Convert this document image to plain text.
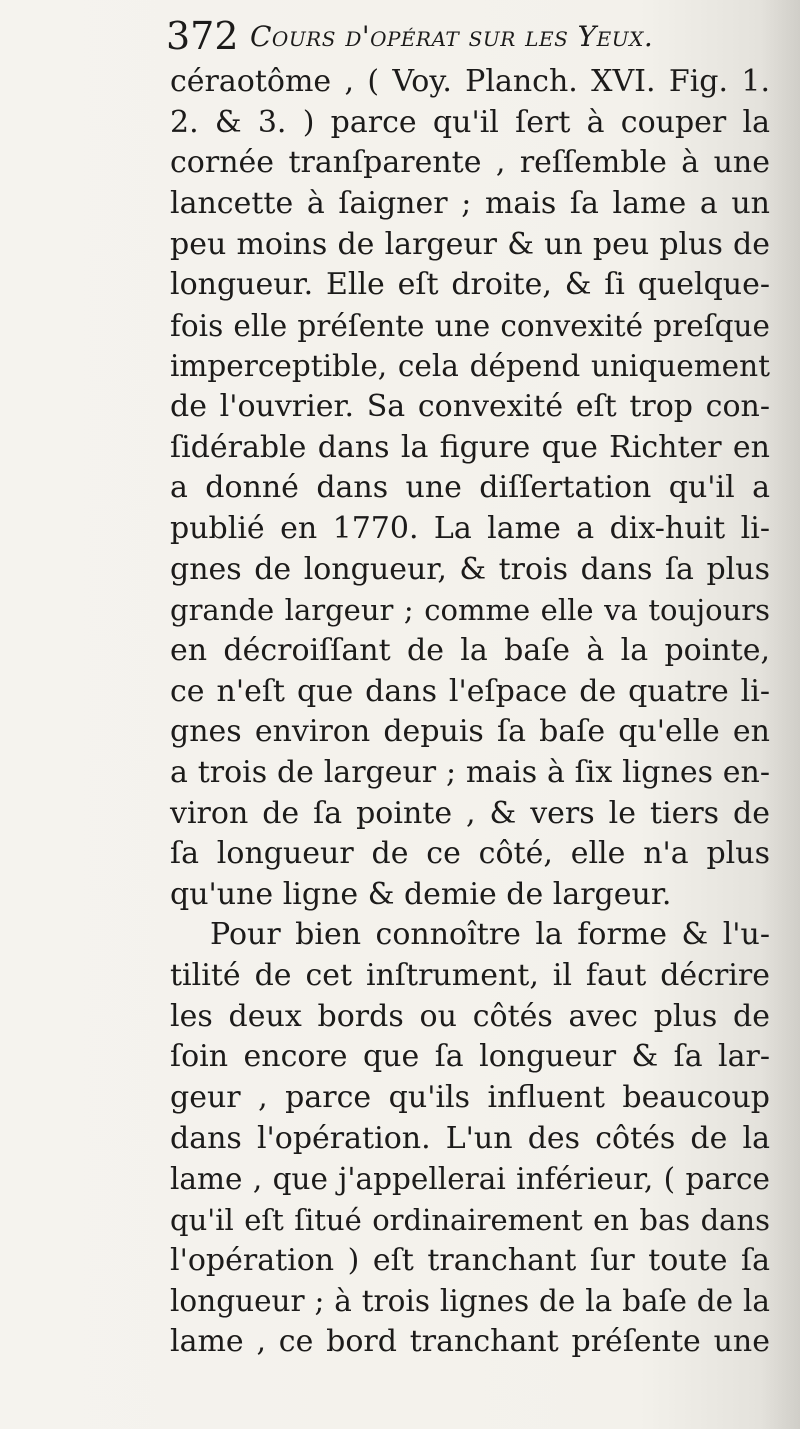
372 Cours d'opérat sur les Yeux.
céraotôme , ( Voy. Planch. XVI. Fig. 1.
2. & 3. ) parce qu'il ſert à couper la
cornée tranſparente , reſſemble à une
lancette à ſaigner ; mais ſa lame a un
peu moins de largeur & un peu plus de
longueur. Elle eſt droite, & ſi quelque-
fois elle préſente une convexité preſque
imperceptible, cela dépend uniquement
de l'ouvrier. Sa convexité eſt trop con-
ſidérable dans la figure que Richter en
a donné dans une diſſertation qu'il a
publié en 1770. La lame a dix-huit li-
gnes de longueur, & trois dans ſa plus
grande largeur ; comme elle va toujours
en décroiſſant de la baſe à la pointe,
ce n'eſt que dans l'eſpace de quatre li-
gnes environ depuis ſa baſe qu'elle en
a trois de largeur ; mais à ſix lignes en-
viron de ſa pointe , & vers le tiers de
ſa longueur de ce côté, elle n'a plus
qu'une ligne & demie de largeur.
Pour bien connoître la forme & l'u-
tilité de cet inſtrument, il faut décrire
les deux bords ou côtés avec plus de
ſoin encore que ſa longueur & ſa lar-
geur , parce qu'ils influent beaucoup
dans l'opération. L'un des côtés de la
lame , que j'appellerai inférieur, ( parce
qu'il eſt ſitué ordinairement en bas dans
l'opération ) eſt tranchant ſur toute ſa
longueur ; à trois lignes de la baſe de la
lame , ce bord tranchant préſente une
